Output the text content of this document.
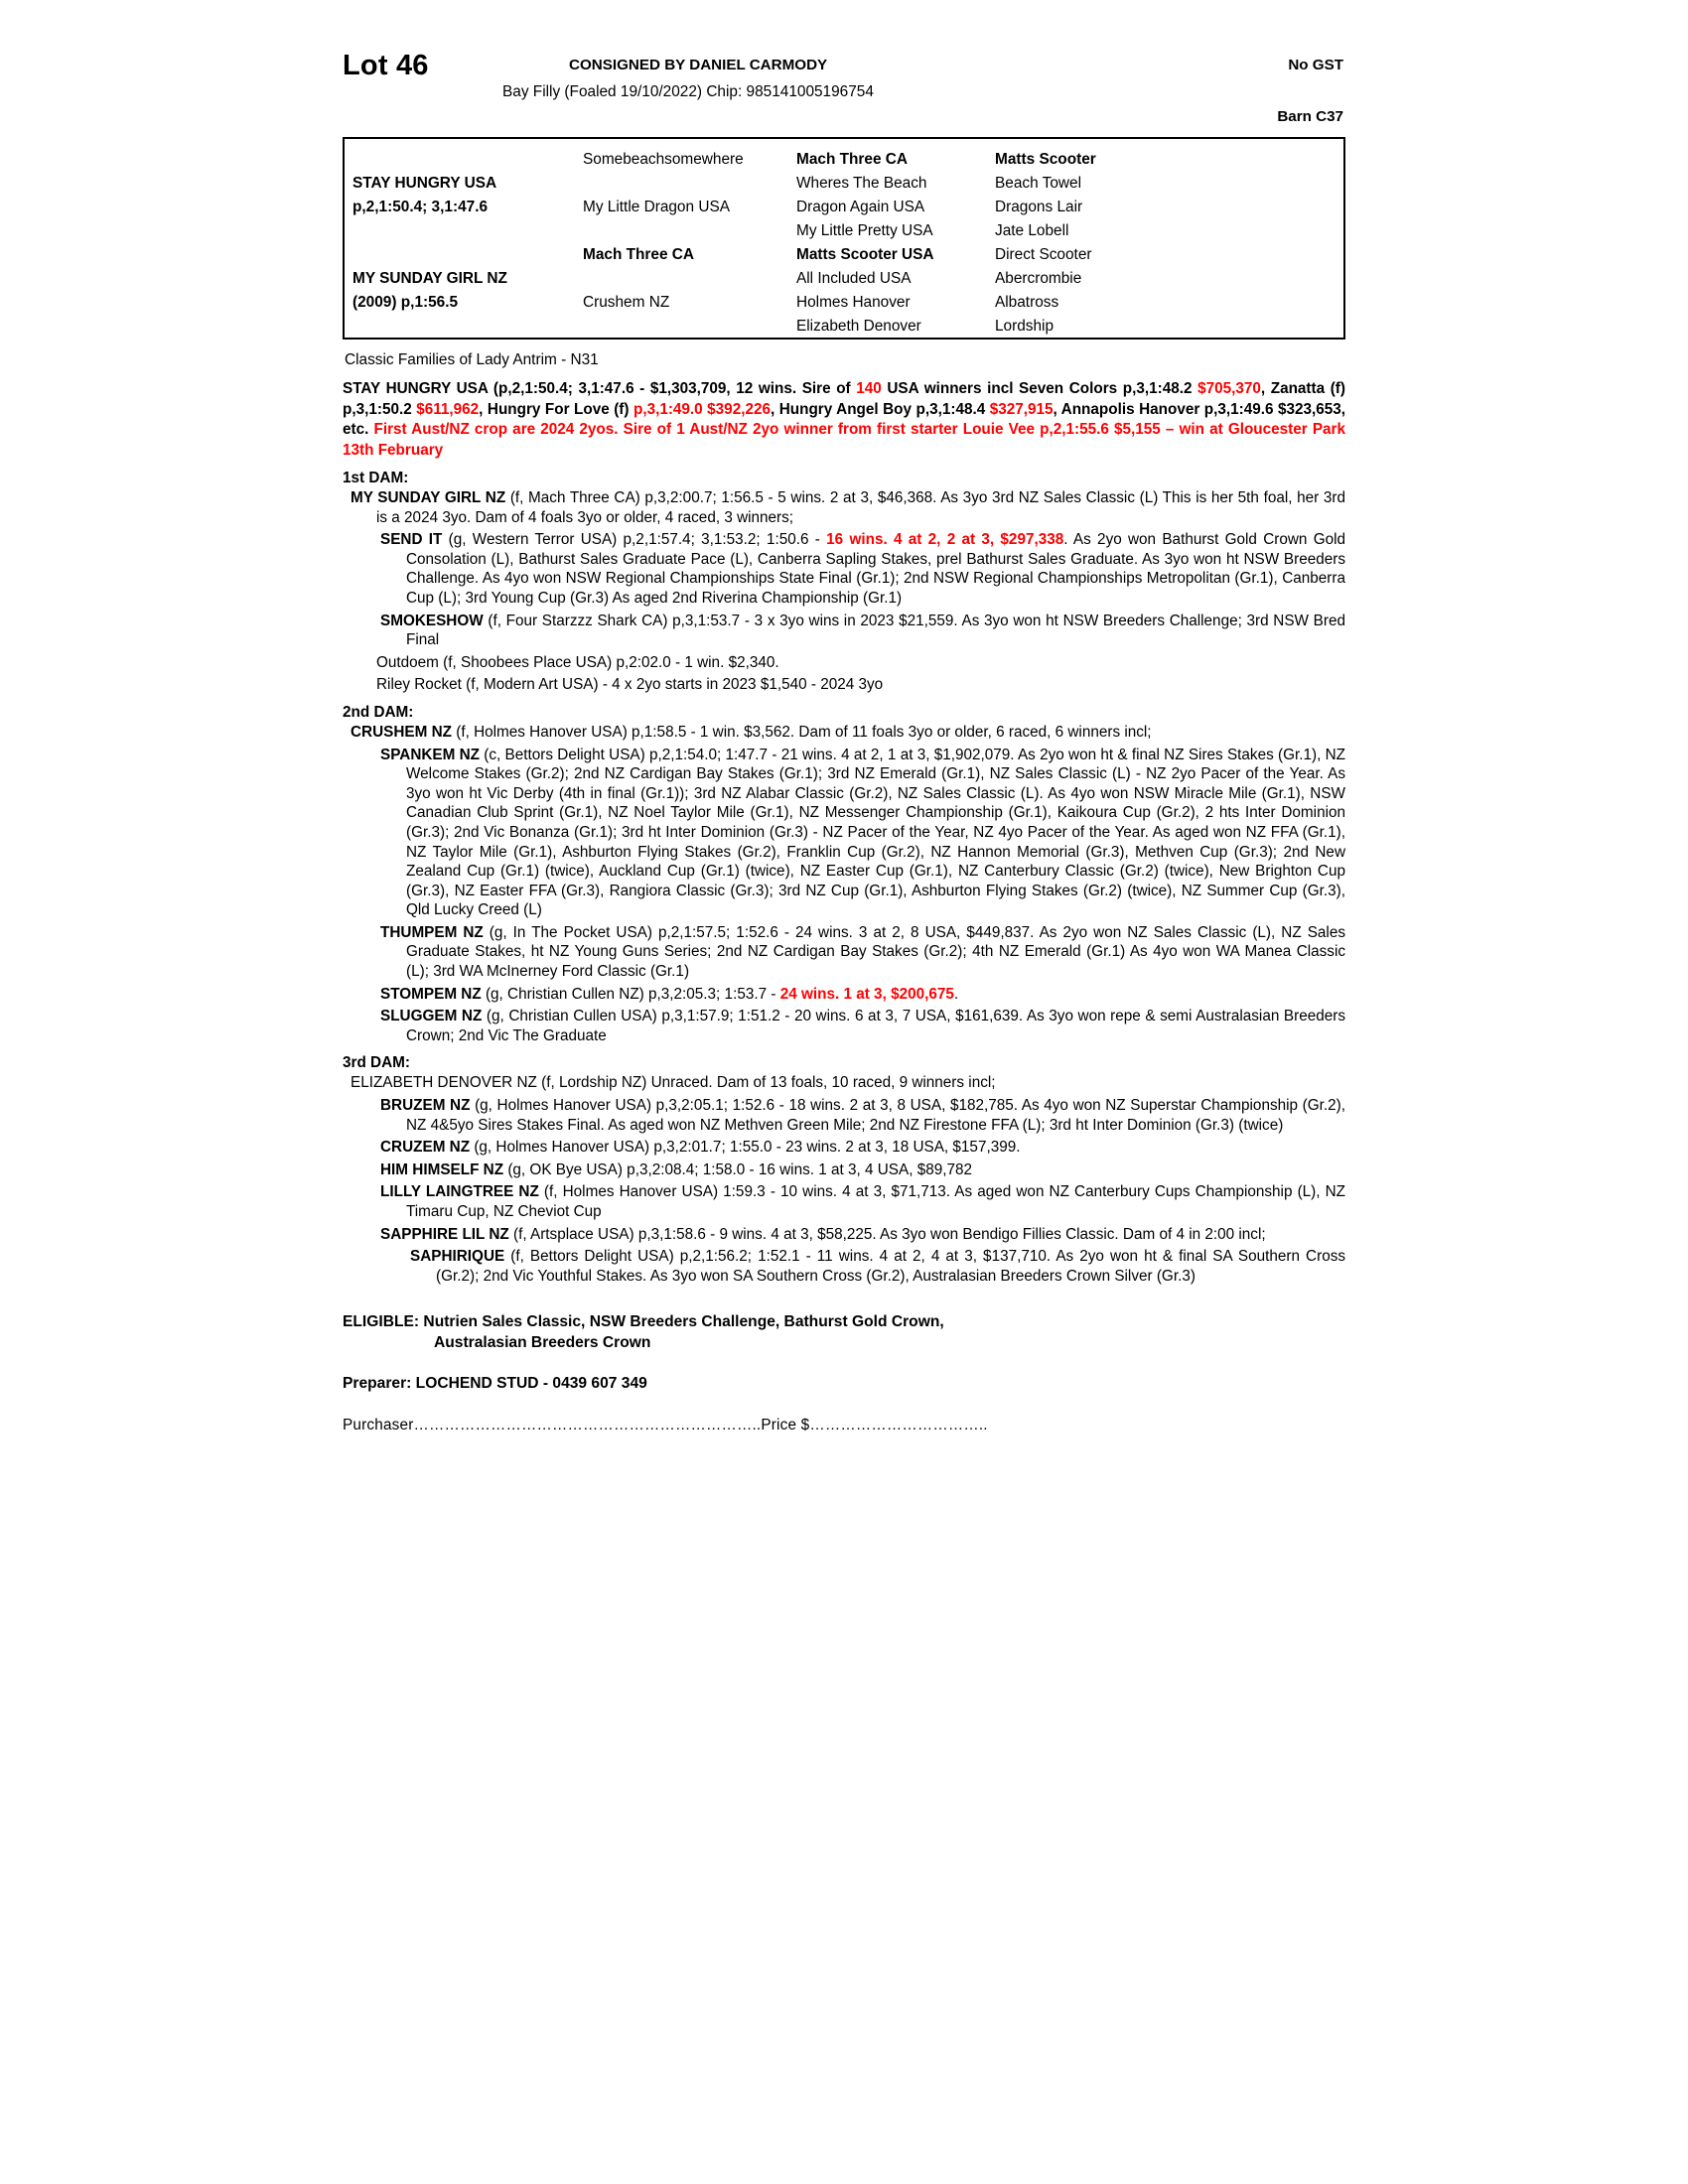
Lot 46	CONSIGNED BY DANIEL CARMODY	No GST
Bay Filly (Foaled 19/10/2022) Chip: 985141005196754
Barn C37
STAY HUNGRY USA
p,2,1:50.4; 3,1:47.6
MY SUNDAY GIRL NZ
(2009) p,1:56.5
Somebeachsomewhere
My Little Dragon USA
Mach Three CA
Crushem NZ
Mach Three CA
Wheres The Beach
Dragon Again USA
My Little Pretty USA
Matts Scooter USA
All Included USA
Holmes Hanover
Elizabeth Denover
Matts Scooter
Beach Towel
Dragons Lair
Jate Lobell
Direct Scooter
Abercrombie
Albatross
Lordship
Classic Families of Lady Antrim - N31
STAY HUNGRY USA (p,2,1:50.4; 3,1:47.6 - $1,303,709, 12 wins. Sire of 140 USA winners incl Seven Colors p,3,1:48.2 $705,370, Zanatta (f) p,3,1:50.2 $611,962, Hungry For Love (f) p,3,1:49.0 $392,226, Hungry Angel Boy p,3,1:48.4 $327,915, Annapolis Hanover p,3,1:49.6 $323,653, etc. First Aust/NZ crop are 2024 2yos. Sire of 1 Aust/NZ 2yo winner from first starter Louie Vee p,2,1:55.6 $5,155 – win at Gloucester Park 13th February
1st DAM:
MY SUNDAY GIRL NZ (f, Mach Three CA) p,3,2:00.7; 1:56.5 - 5 wins. 2 at 3, $46,368. As 3yo 3rd NZ Sales Classic (L) This is her 5th foal, her 3rd is a 2024 3yo. Dam of 4 foals 3yo or older, 4 raced, 3 winners;
SEND IT (g, Western Terror USA) p,2,1:57.4; 3,1:53.2; 1:50.6 - 16 wins. 4 at 2, 2 at 3, $297,338. As 2yo won Bathurst Gold Crown Gold Consolation (L), Bathurst Sales Graduate Pace (L), Canberra Sapling Stakes, prel Bathurst Sales Graduate. As 3yo won ht NSW Breeders Challenge. As 4yo won NSW Regional Championships State Final (Gr.1); 2nd NSW Regional Championships Metropolitan (Gr.1), Canberra Cup (L); 3rd Young Cup (Gr.3) As aged 2nd Riverina Championship (Gr.1)
SMOKESHOW (f, Four Starzzz Shark CA) p,3,1:53.7 - 3 x 3yo wins in 2023 $21,559. As 3yo won ht NSW Breeders Challenge; 3rd NSW Bred Final
Outdoem (f, Shoobees Place USA) p,2:02.0 - 1 win. $2,340.
Riley Rocket (f, Modern Art USA) - 4 x 2yo starts in 2023 $1,540 - 2024 3yo
2nd DAM:
CRUSHEM NZ (f, Holmes Hanover USA) p,1:58.5 - 1 win. $3,562. Dam of 11 foals 3yo or older, 6 raced, 6 winners incl;
SPANKEM NZ (c, Bettors Delight USA) p,2,1:54.0; 1:47.7 - 21 wins. 4 at 2, 1 at 3, $1,902,079. As 2yo won ht & final NZ Sires Stakes (Gr.1), NZ Welcome Stakes (Gr.2); 2nd NZ Cardigan Bay Stakes (Gr.1); 3rd NZ Emerald (Gr.1), NZ Sales Classic (L) - NZ 2yo Pacer of the Year. As 3yo won ht Vic Derby (4th in final (Gr.1)); 3rd NZ Alabar Classic (Gr.2), NZ Sales Classic (L). As 4yo won NSW Miracle Mile (Gr.1), NSW Canadian Club Sprint (Gr.1), NZ Noel Taylor Mile (Gr.1), NZ Messenger Championship (Gr.1), Kaikoura Cup (Gr.2), 2 hts Inter Dominion (Gr.3); 2nd Vic Bonanza (Gr.1); 3rd ht Inter Dominion (Gr.3) - NZ Pacer of the Year, NZ 4yo Pacer of the Year. As aged won NZ FFA (Gr.1), NZ Taylor Mile (Gr.1), Ashburton Flying Stakes (Gr.2), Franklin Cup (Gr.2), NZ Hannon Memorial (Gr.3), Methven Cup (Gr.3); 2nd New Zealand Cup (Gr.1) (twice), Auckland Cup (Gr.1) (twice), NZ Easter Cup (Gr.1), NZ Canterbury Classic (Gr.2) (twice), New Brighton Cup (Gr.3), NZ Easter FFA (Gr.3), Rangiora Classic (Gr.3); 3rd NZ Cup (Gr.1), Ashburton Flying Stakes (Gr.2) (twice), NZ Summer Cup (Gr.3), Qld Lucky Creed (L)
THUMPEM NZ (g, In The Pocket USA) p,2,1:57.5; 1:52.6 - 24 wins. 3 at 2, 8 USA, $449,837. As 2yo won NZ Sales Classic (L), NZ Sales Graduate Stakes, ht NZ Young Guns Series; 2nd NZ Cardigan Bay Stakes (Gr.2); 4th NZ Emerald (Gr.1) As 4yo won WA Manea Classic (L); 3rd WA McInerney Ford Classic (Gr.1)
STOMPEM NZ (g, Christian Cullen NZ) p,3,2:05.3; 1:53.7 - 24 wins. 1 at 3, $200,675.
SLUGGEM NZ (g, Christian Cullen USA) p,3,1:57.9; 1:51.2 - 20 wins. 6 at 3, 7 USA, $161,639. As 3yo won repe & semi Australasian Breeders Crown; 2nd Vic The Graduate
3rd DAM:
ELIZABETH DENOVER NZ (f, Lordship NZ) Unraced. Dam of 13 foals, 10 raced, 9 winners incl;
BRUZEM NZ (g, Holmes Hanover USA) p,3,2:05.1; 1:52.6 - 18 wins. 2 at 3, 8 USA, $182,785. As 4yo won NZ Superstar Championship (Gr.2), NZ 4&5yo Sires Stakes Final. As aged won NZ Methven Green Mile; 2nd NZ Firestone FFA (L); 3rd ht Inter Dominion (Gr.3) (twice)
CRUZEM NZ (g, Holmes Hanover USA) p,3,2:01.7; 1:55.0 - 23 wins. 2 at 3, 18 USA, $157,399.
HIM HIMSELF NZ (g, OK Bye USA) p,3,2:08.4; 1:58.0 - 16 wins. 1 at 3, 4 USA, $89,782
LILLY LAINGTREE NZ (f, Holmes Hanover USA) 1:59.3 - 10 wins. 4 at 3, $71,713. As aged won NZ Canterbury Cups Championship (L), NZ Timaru Cup, NZ Cheviot Cup
SAPPHIRE LIL NZ (f, Artsplace USA) p,3,1:58.6 - 9 wins. 4 at 3, $58,225. As 3yo won Bendigo Fillies Classic. Dam of 4 in 2:00 incl;
SAPHIRIQUE (f, Bettors Delight USA) p,2,1:56.2; 1:52.1 - 11 wins. 4 at 2, 4 at 3, $137,710. As 2yo won ht & final SA Southern Cross (Gr.2); 2nd Vic Youthful Stakes. As 3yo won SA Southern Cross (Gr.2), Australasian Breeders Crown Silver (Gr.3)
ELIGIBLE: Nutrien Sales Classic, NSW Breeders Challenge, Bathurst Gold Crown,
Australasian Breeders Crown
Preparer: LOCHEND STUD - 0439 607 349
Purchaser…………………………………………………………..Price $……………………………..
